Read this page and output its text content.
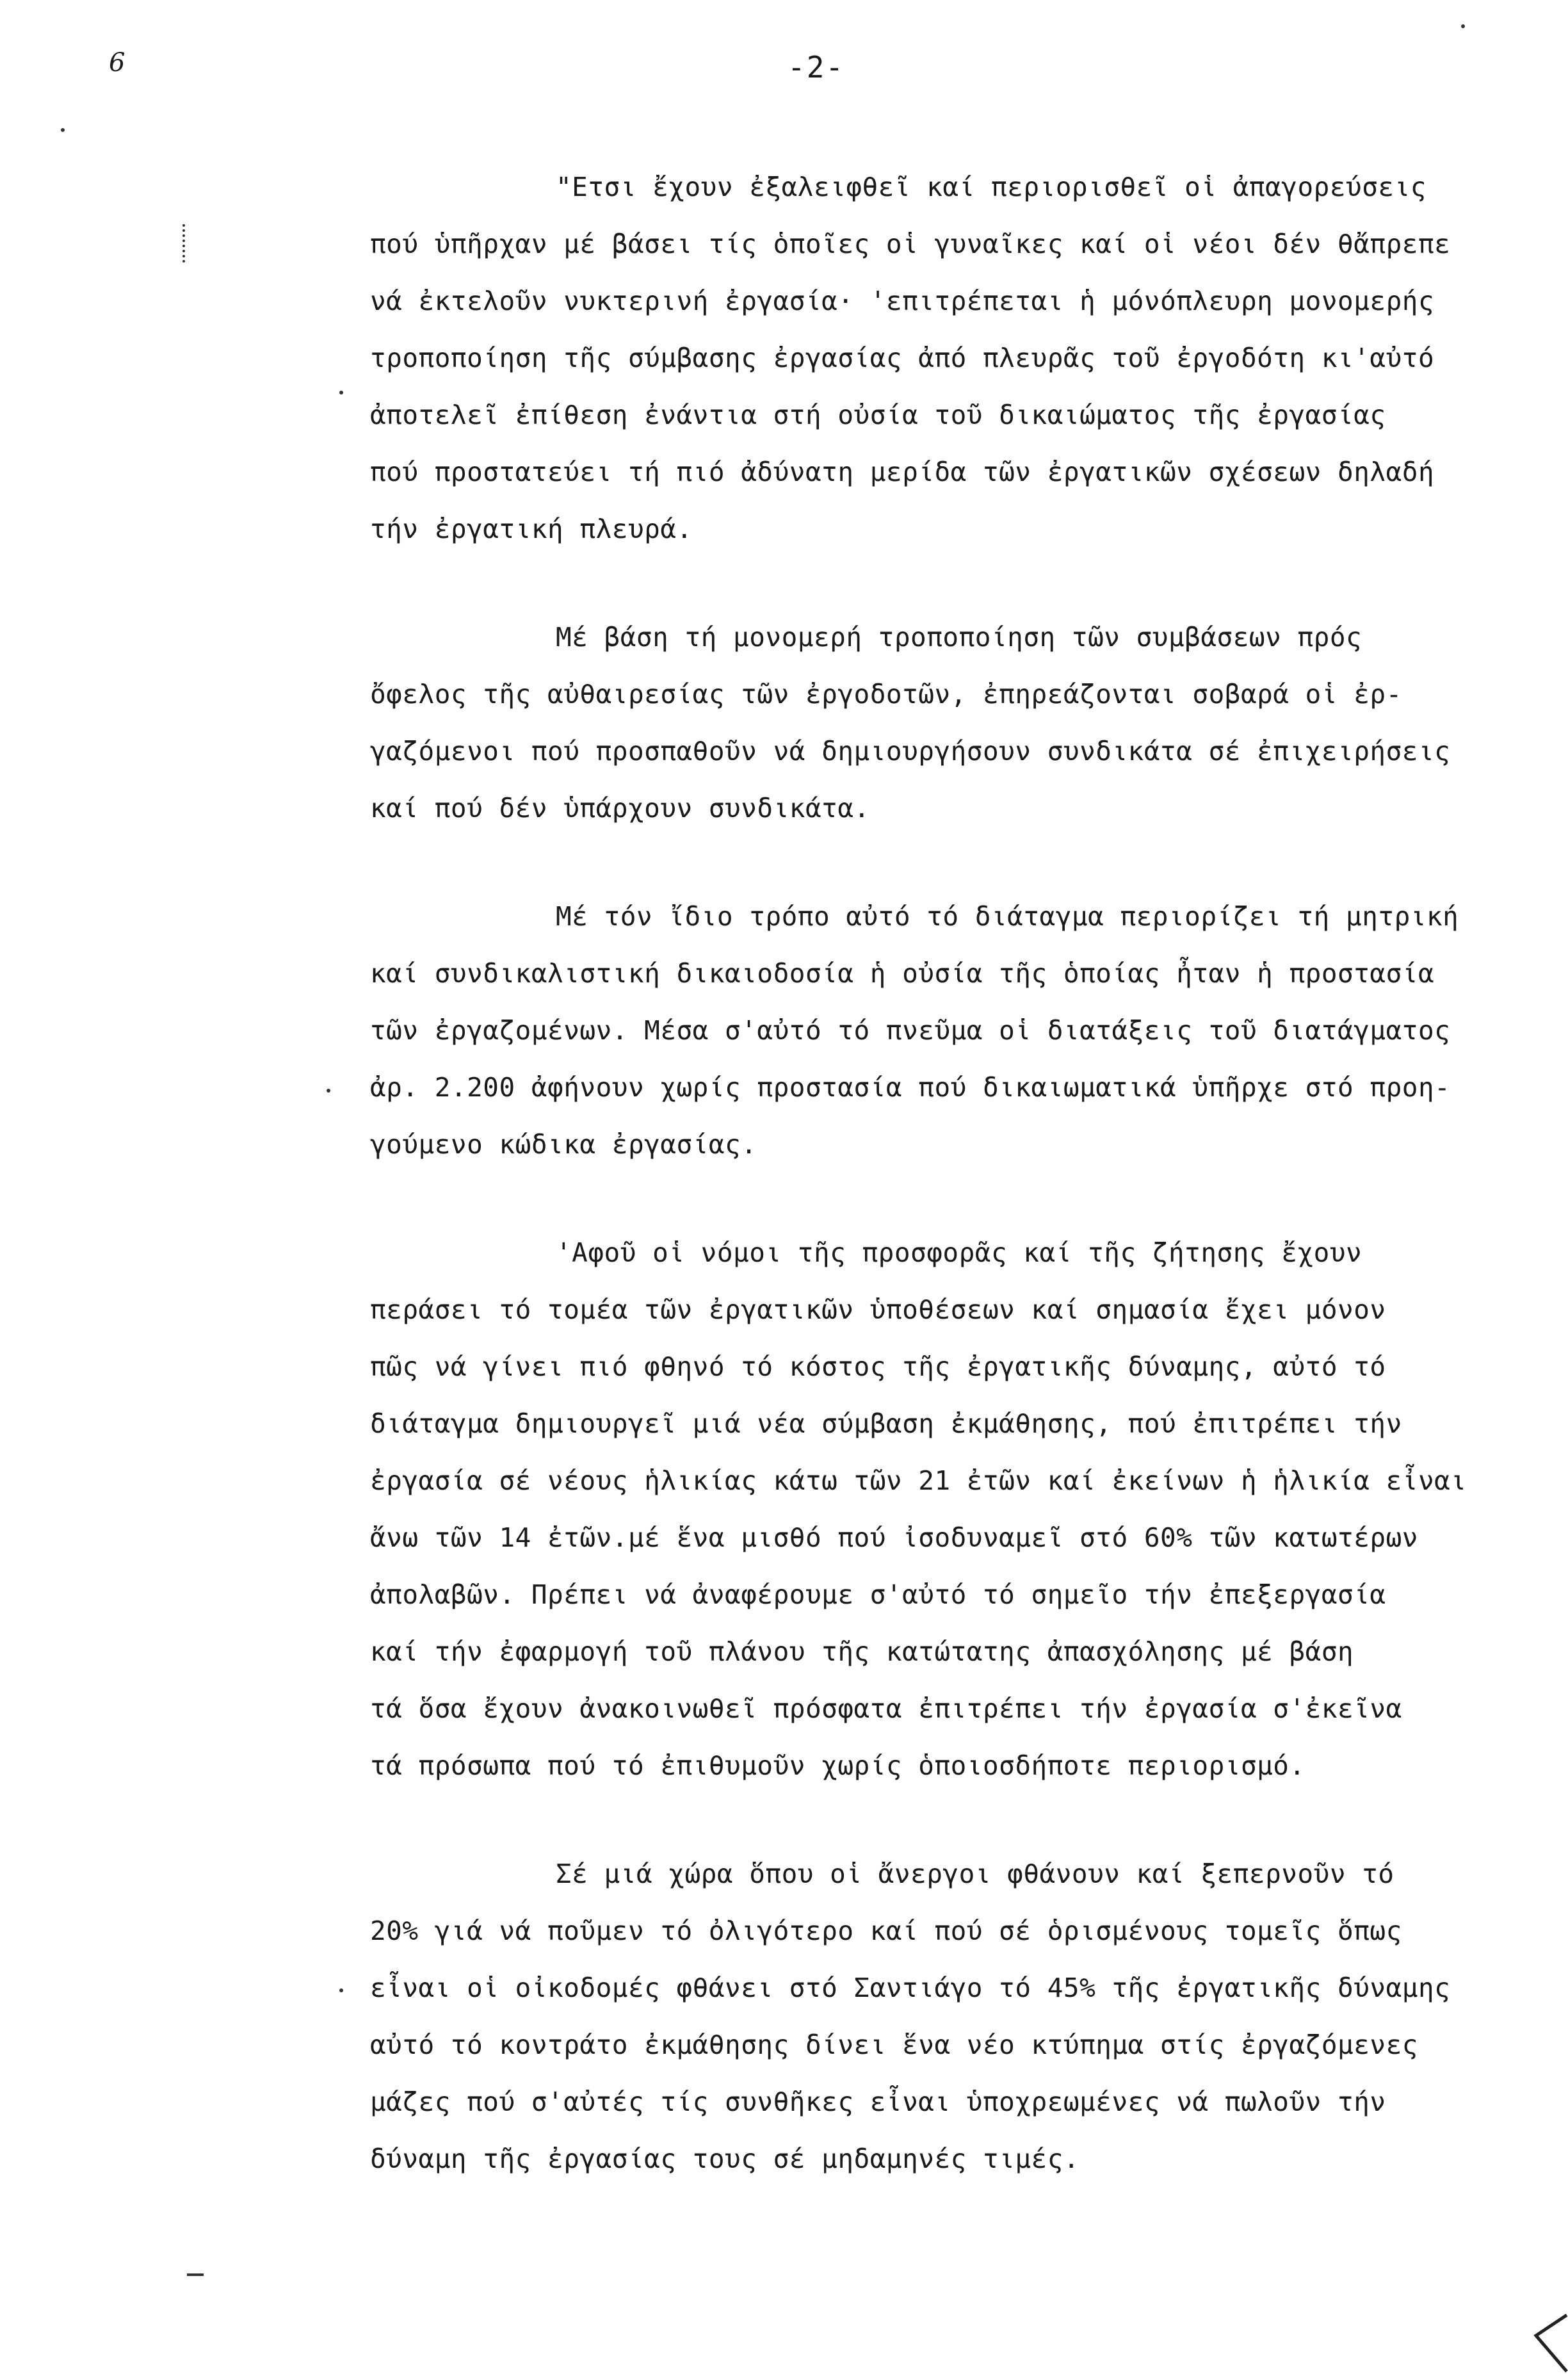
6	-2-
"Ετσι ἔχουν ἐξαλειφθεῖ καί περιορισθεῖ οἱ ἀπαγορεύσεις
πού ὑπῆρχαν μέ βάσει τίς ὁποῖες οἱ γυναῖκες καί οἱ νέοι δέν θἄπρεπε
νά ἐκτελοῦν νυκτερινή ἐργασία· 'επιτρέπεται ἡ μόνόπλευρη μονομερής
τροποποίηση τῆς σύμβασης ἐργασίας ἀπό πλευρᾶς τοῦ ἐργοδότη κι'αὐτό
ἀποτελεῖ ἐπίθεση ἐνάντια στή οὐσία τοῦ δικαιώματος τῆς ἐργασίας
πού προστατεύει τή πιό ἀδύνατη μερίδα τῶν ἐργατικῶν σχέσεων δηλαδή
τήν ἐργατική πλευρά.
Μέ βάση τή μονομερή τροποποίηση τῶν συμβάσεων πρός
ὄφελος τῆς αὐθαιρεσίας τῶν ἐργοδοτῶν, ἐπηρεάζονται σοβαρά οἱ ἐρ-
γαζόμενοι πού προσπαθοῦν νά δημιουργήσουν συνδικάτα σέ ἐπιχειρήσεις
καί πού δέν ὑπάρχουν συνδικάτα.
Μέ τόν ἴδιο τρόπο αὐτό τό διάταγμα περιορίζει τή μητρική
καί συνδικαλιστική δικαιοδοσία ἡ οὐσία τῆς ὁποίας ἦταν ἡ προστασία
τῶν ἐργαζομένων. Μέσα σ'αὐτό τό πνεῦμα οἱ διατάξεις τοῦ διατάγματος
ἀρ. 2.200 ἀφήνουν χωρίς προστασία πού δικαιωματικά ὑπῆρχε στό προη-
γούμενο κώδικα ἐργασίας.
'Αφοῦ οἱ νόμοι τῆς προσφορᾶς καί τῆς ζήτησης ἔχουν
περάσει τό τομέα τῶν ἐργατικῶν ὑποθέσεων καί σημασία ἔχει μόνον
πῶς νά γίνει πιό φθηνό τό κόστος τῆς ἐργατικῆς δύναμης, αὐτό τό
διάταγμα δημιουργεῖ μιά νέα σύμβαση ἐκμάθησης, πού ἐπιτρέπει τήν
ἐργασία σέ νέους ἡλικίας κάτω τῶν 21 ἐτῶν καί ἐκείνων ἡ ἡλικία εἶναι
ἄνω τῶν 14 ἐτῶν.μέ ἕνα μισθό πού ἰσοδυναμεῖ στό 60% τῶν κατωτέρων
ἀπολαβῶν. Πρέπει νά ἀναφέρουμε σ'αὐτό τό σημεῖο τήν ἐπεξεργασία
καί τήν ἐφαρμογή τοῦ πλάνου τῆς κατώτατης ἀπασχόλησης μέ βάση
τά ὅσα ἔχουν ἀνακοινωθεῖ πρόσφατα ἐπιτρέπει τήν ἐργασία σ'ἐκεῖνα
τά πρόσωπα πού τό ἐπιθυμοῦν χωρίς ὁποιοσδήποτε περιορισμό.
Σέ μιά χώρα ὅπου οἱ ἄνεργοι φθάνουν καί ξεπερνοῦν τό
20% γιά νά ποῦμεν τό ὀλιγότερο καί πού σέ ὁρισμένους τομεῖς ὅπως
εἶναι οἱ οἰκοδομές φθάνει στό Σαντιάγο τό 45% τῆς ἐργατικῆς δύναμης
αὐτό τό κοντράτο ἐκμάθησης δίνει ἕνα νέο κτύπημα στίς ἐργαζόμενες
μάζες πού σ'αὐτές τίς συνθῆκες εἶναι ὑποχρεωμένες νά πωλοῦν τήν
δύναμη τῆς ἐργασίας τους σέ μηδαμηνές τιμές.
